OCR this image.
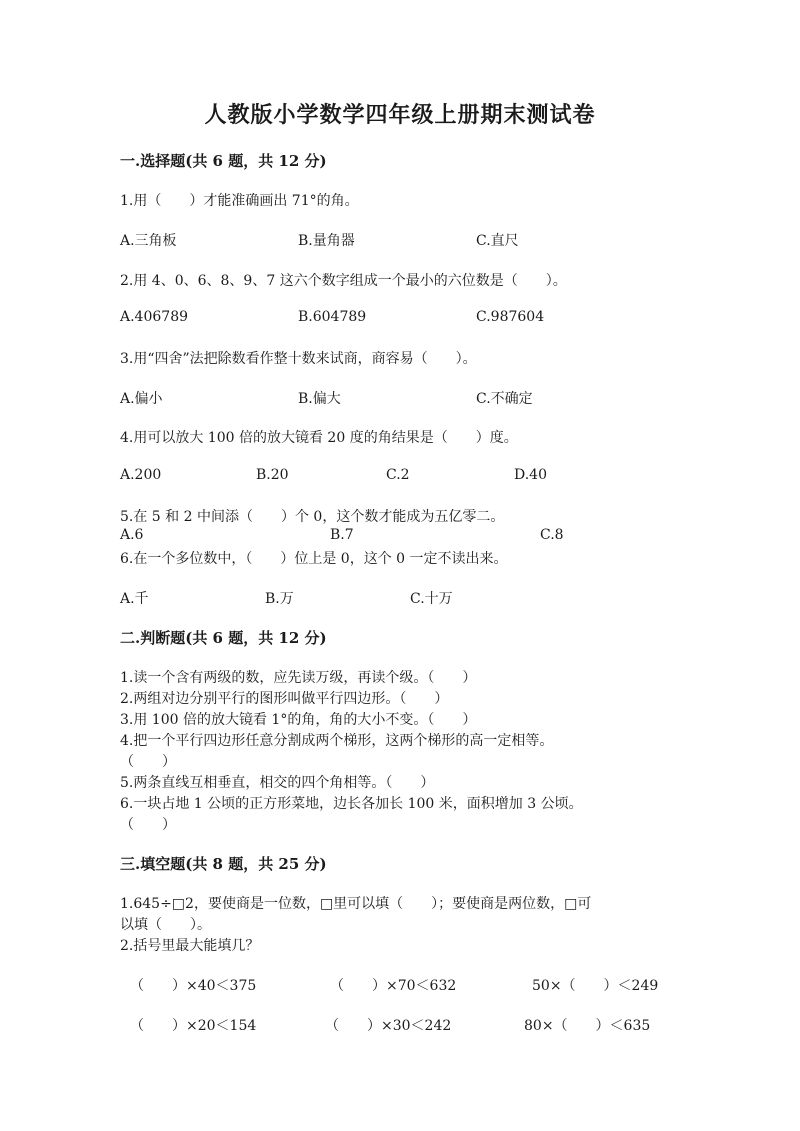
人教版小学数学四年级上册期末测试卷
一.选择题(共 6 题，共 12 分)
1.用（　　）才能准确画出 71°的角。
A.三角板	B.量角器	C.直尺
2.用 4、0、6、8、9、7 这六个数字组成一个最小的六位数是（　　）。
A.406789	B.604789	C.987604
3.用“四舍”法把除数看作整十数来试商，商容易（　　）。
A.偏小	B.偏大	C.不确定
4.用可以放大 100 倍的放大镜看 20 度的角结果是（　　）度。
A.200	B.20	C.2	D.40
5.在 5 和 2 中间添（　　）个 0，这个数才能成为五亿零二。
A.6	B.7	C.8
6.在一个多位数中，（　　）位上是 0，这个 0 一定不读出来。
A.千	B.万	C.十万
二.判断题(共 6 题，共 12 分)
1.读一个含有两级的数，应先读万级，再读个级。（　　）
2.两组对边分别平行的图形叫做平行四边形。（　　）
3.用 100 倍的放大镜看 1°的角，角的大小不变。（　　）
4.把一个平行四边形任意分割成两个梯形，这两个梯形的高一定相等。
（　　）
5.两条直线互相垂直，相交的四个角相等。（　　）
6.一块占地 1 公顷的正方形菜地，边长各加长 100 米，面积增加 3 公顷。
（　　）
三.填空题(共 8 题，共 25 分)
1.645÷□2，要使商是一位数，□里可以填（　　）；要使商是两位数，□可
以填（　　）。
2.括号里最大能填几？
（　　）×40＜375	（　　）×70＜632	50×（　　）＜249
（　　）×20＜154	（　　）×30＜242	80×（　　）＜635
